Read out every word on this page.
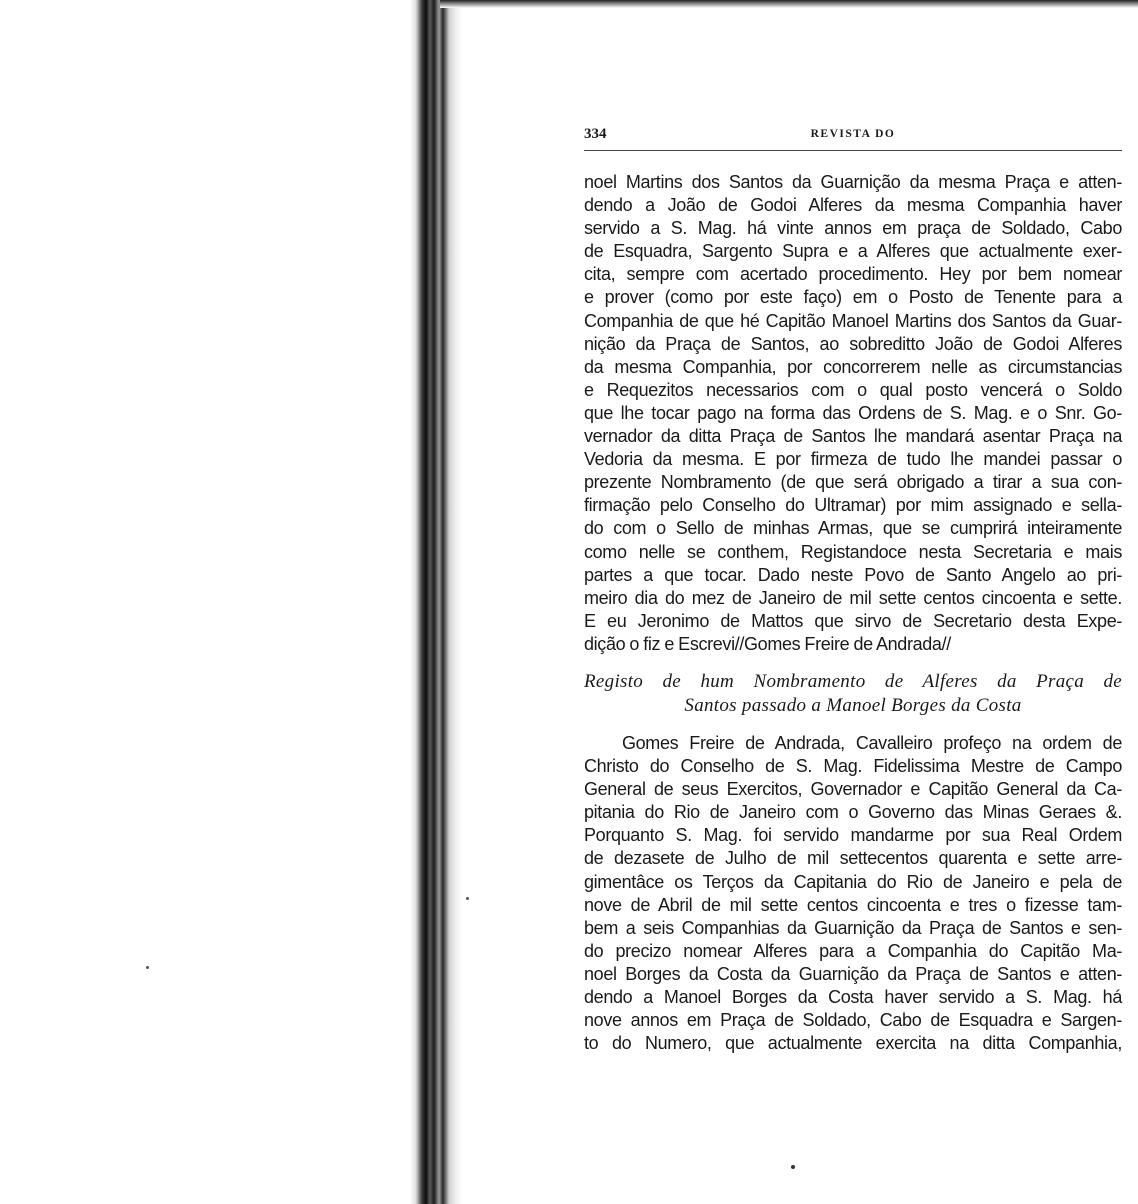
334	REVISTA DO
noel Martins dos Santos da Guarnição da mesma Praça e atten-
dendo a João de Godoi Alferes da mesma Companhia haver
servido a S. Mag. há vinte annos em praça de Soldado, Cabo
de Esquadra, Sargento Supra e a Alferes que actualmente exer-
cita, sempre com acertado procedimento. Hey por bem nomear
e prover (como por este faço) em o Posto de Tenente para a
Companhia de que hé Capitão Manoel Martins dos Santos da Guar-
nição da Praça de Santos, ao sobreditto João de Godoi Alferes
da mesma Companhia, por concorrerem nelle as circumstancias
e Requezitos necessarios com o qual posto vencerá o Soldo
que lhe tocar pago na forma das Ordens de S. Mag. e o Snr. Go-
vernador da ditta Praça de Santos lhe mandará asentar Praça na
Vedoria da mesma. E por firmeza de tudo lhe mandei passar o
prezente Nombramento (de que será obrigado a tirar a sua con-
firmação pelo Conselho do Ultramar) por mim assignado e sella-
do com o Sello de minhas Armas, que se cumprirá inteiramente
como nelle se conthem, Registandoce nesta Secretaria e mais
partes a que tocar. Dado neste Povo de Santo Angelo ao pri-
meiro dia do mez de Janeiro de mil sette centos cincoenta e sette.
E eu Jeronimo de Mattos que sirvo de Secretario desta Expe-
dição o fiz e Escrevi//Gomes Freire de Andrada//
Registo de hum Nombramento de Alferes da Praça de
Santos passado a Manoel Borges da Costa
Gomes Freire de Andrada, Cavalleiro profeço na ordem de
Christo do Conselho de S. Mag. Fidelissima Mestre de Campo
General de seus Exercitos, Governador e Capitão General da Ca-
pitania do Rio de Janeiro com o Governo das Minas Geraes &.
Porquanto S. Mag. foi servido mandarme por sua Real Ordem
de dezasete de Julho de mil settecentos quarenta e sette arre-
gimentâce os Terços da Capitania do Rio de Janeiro e pela de
nove de Abril de mil sette centos cincoenta e tres o fizesse tam-
bem a seis Companhias da Guarnição da Praça de Santos e sen-
do precizo nomear Alferes para a Companhia do Capitão Ma-
noel Borges da Costa da Guarnição da Praça de Santos e atten-
dendo a Manoel Borges da Costa haver servido a S. Mag. há
nove annos em Praça de Soldado, Cabo de Esquadra e Sargen-
to do Numero, que actualmente exercita na ditta Companhia,
